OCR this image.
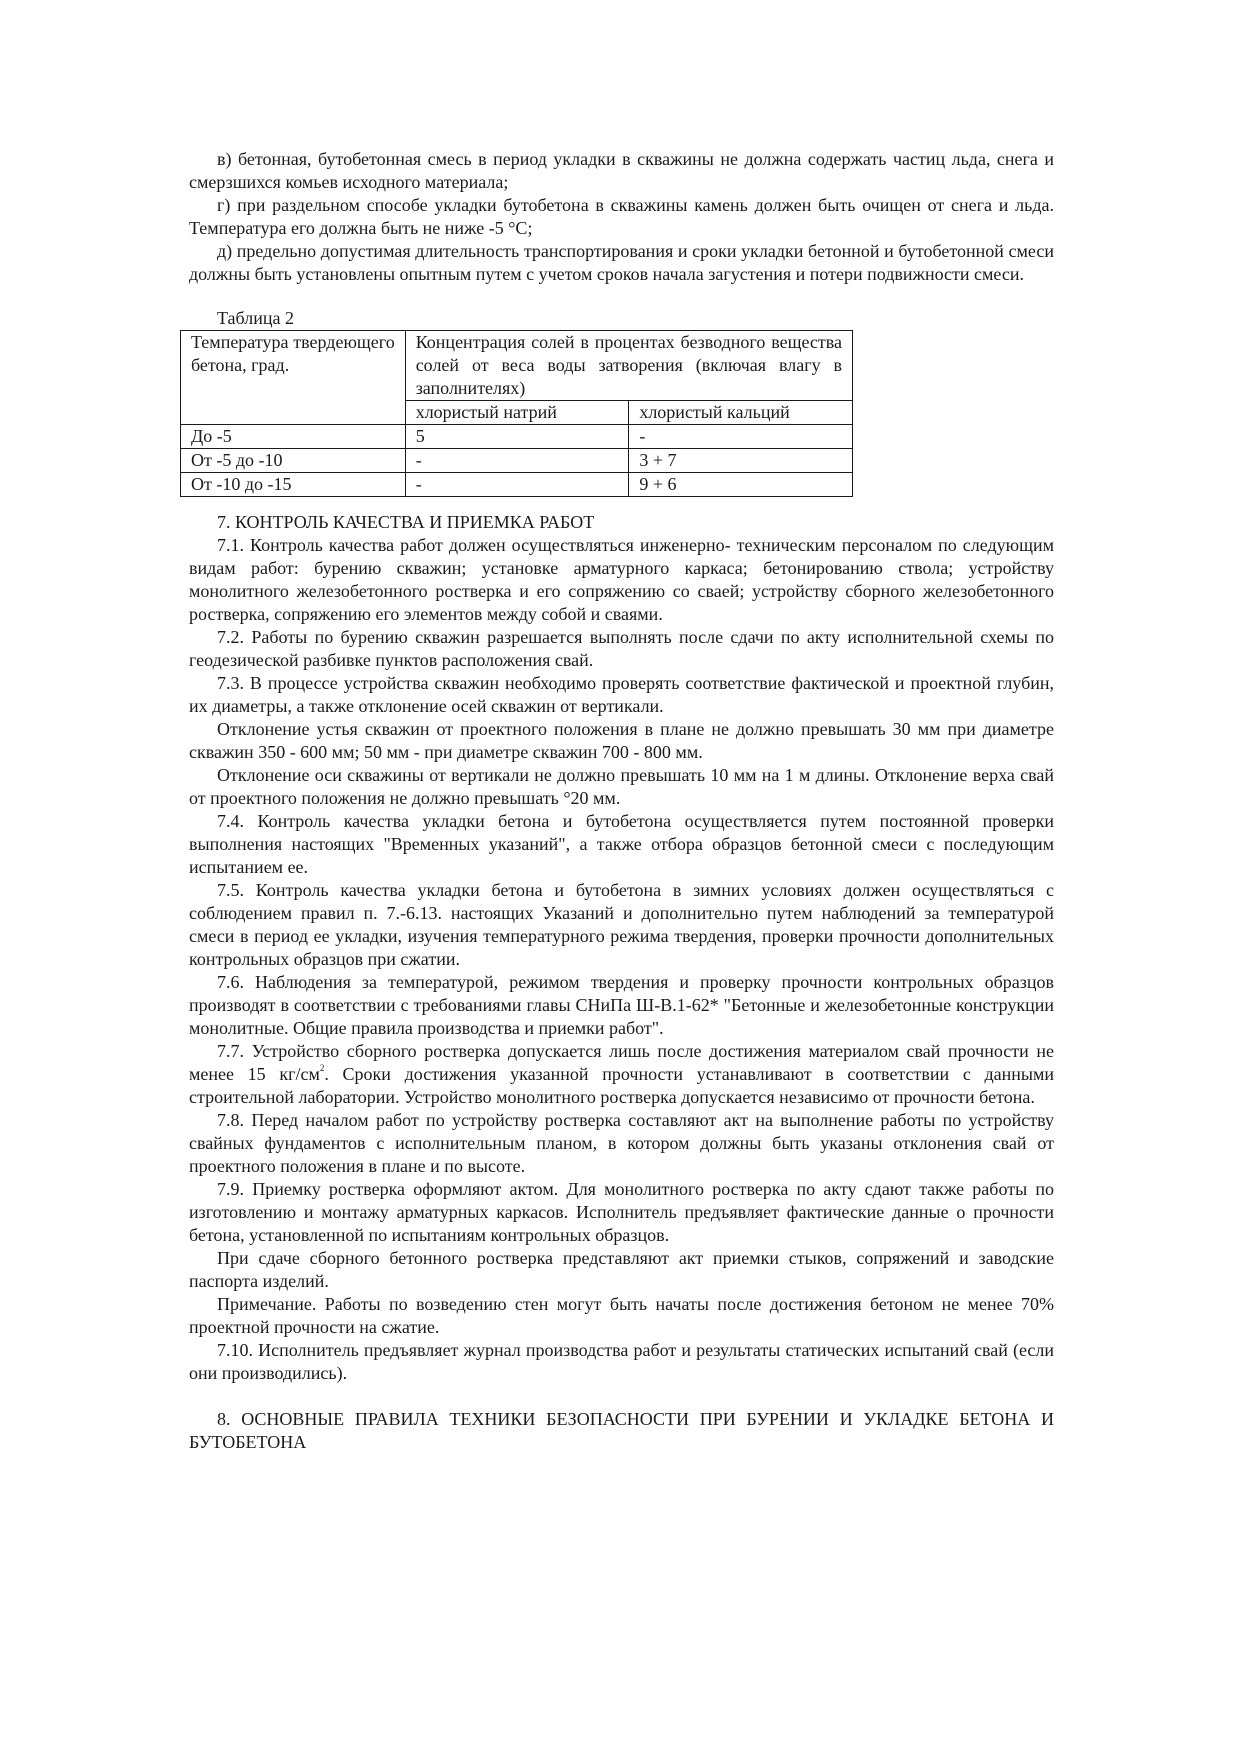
в) бетонная, бутобетонная смесь в период укладки в скважины не должна содержать частиц льда, снега и смерзшихся комьев исходного материала;

г) при раздельном способе укладки бутобетона в скважины камень должен быть очищен от снега и льда. Температура его должна быть не ниже -5 °С;

д) предельно допустимая длительность транспортирования и сроки укладки бетонной и бутобетонной смеси должны быть установлены опытным путем с учетом сроков начала загустения и потери подвижности смеси.

Таблица 2
Температура твердеющего бетона, град.	Концентрация солей в процентах безводного вещества солей от веса воды затворения (включая влагу в заполнителях)	
	хлористый натрий	хлористый кальций
До -5	5	-
От -5 до -10	-	3 + 7
От -10 до -15	-	9 + 6

7. КОНТРОЛЬ КАЧЕСТВА И ПРИЕМКА РАБОТ

7.1. Контроль качества работ должен осуществляться инженерно- техническим персоналом по следующим видам работ: бурению скважин; установке арматурного каркаса; бетонированию ствола; устройству монолитного железобетонного ростверка и его сопряжению со сваей; устройству сборного железобетонного ростверка, сопряжению его элементов между собой и сваями.

7.2. Работы по бурению скважин разрешается выполнять после сдачи по акту исполнительной схемы по геодезической разбивке пунктов расположения свай.

7.3. В процессе устройства скважин необходимо проверять соответствие фактической и проектной глубин, их диаметры, а также отклонение осей скважин от вертикали.

Отклонение устья скважин от проектного положения в плане не должно превышать 30 мм при диаметре скважин 350 - 600 мм; 50 мм - при диаметре скважин 700 - 800 мм.

Отклонение оси скважины от вертикали не должно превышать 10 мм на 1 м длины. Отклонение верха свай от проектного положения не должно превышать °20 мм.

7.4. Контроль качества укладки бетона и бутобетона осуществляется путем постоянной проверки выполнения настоящих "Временных указаний", а также отбора образцов бетонной смеси с последующим испытанием ее.

7.5. Контроль качества укладки бетона и бутобетона в зимних условиях должен осуществляться с соблюдением правил п. 7.-6.13. настоящих Указаний и дополнительно путем наблюдений за температурой смеси в период ее укладки, изучения температурного режима твердения, проверки прочности дополнительных контрольных образцов при сжатии.

7.6. Наблюдения за температурой, режимом твердения и проверку прочности контрольных образцов производят в соответствии с требованиями главы СНиПа Ш-В.1-62* "Бетонные и железобетонные конструкции монолитные. Общие правила производства и приемки работ".

7.7. Устройство сборного ростверка допускается лишь после достижения материалом свай прочности не менее 15 $кг/см^2$. Сроки достижения указанной прочности устанавливают в соответствии с данными строительной лаборатории. Устройство монолитного ростверка допускается независимо от прочности бетона.

7.8. Перед началом работ по устройству ростверка составляют акт на выполнение работы по устройству свайных фундаментов с исполнительным планом, в котором должны быть указаны отклонения свай от проектного положения в плане и по высоте.

7.9. Приемку ростверка оформляют актом. Для монолитного ростверка по акту сдают также работы по изготовлению и монтажу арматурных каркасов. Исполнитель предъявляет фактические данные о прочности бетона, установленной по испытаниям контрольных образцов.

При сдаче сборного бетонного ростверка представляют акт приемки стыков, сопряжений и заводские паспорта изделий.

Примечание. Работы по возведению стен могут быть начаты после достижения бетоном не менее 70% проектной прочности на сжатие.

7.10. Исполнитель предъявляет журнал производства работ и результаты статических испытаний свай (если они производились).

8. ОСНОВНЫЕ ПРАВИЛА ТЕХНИКИ БЕЗОПАСНОСТИ ПРИ БУРЕНИИ И УКЛАДКЕ БЕТОНА И БУТОБЕТОНА
